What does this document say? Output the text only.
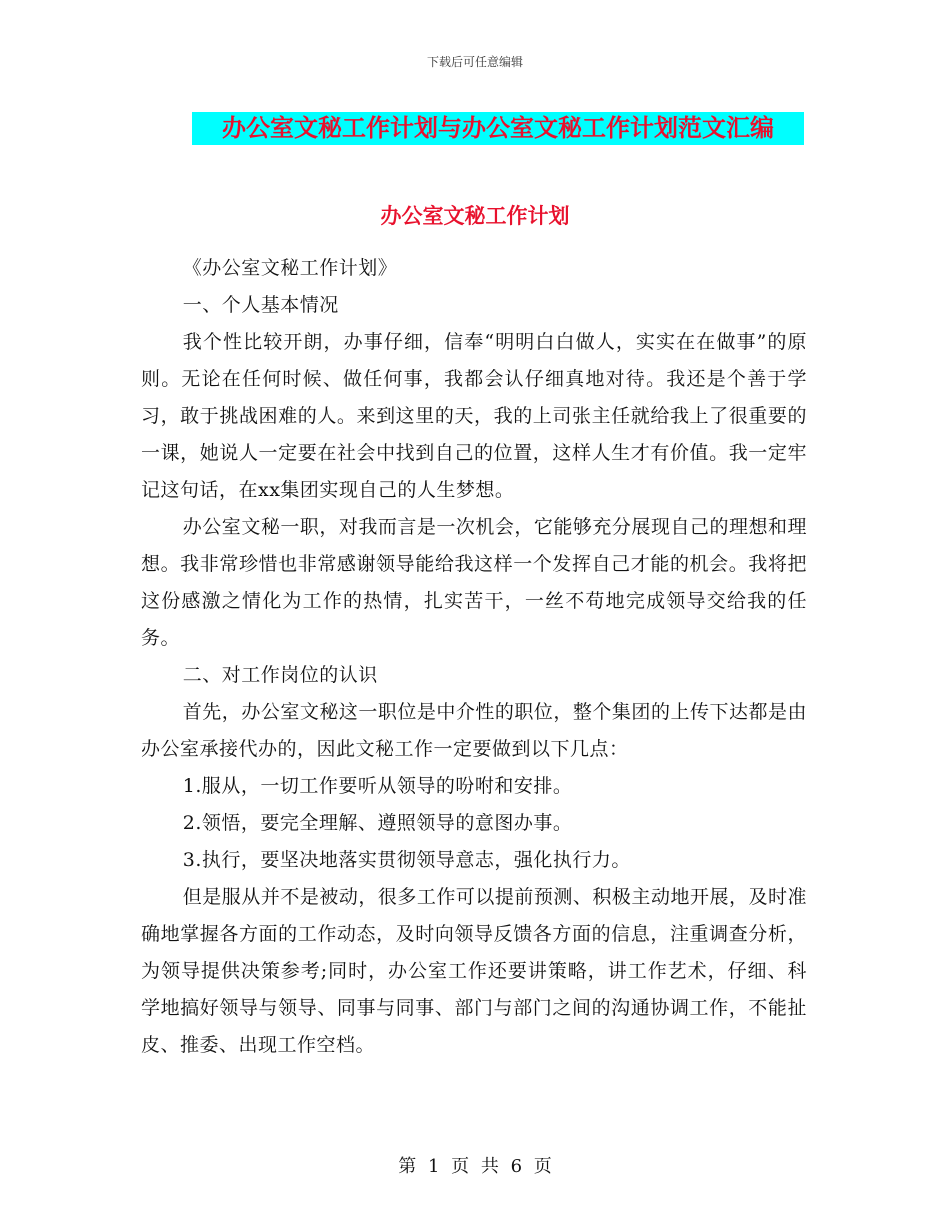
下载后可任意编辑
办公室文秘工作计划与办公室文秘工作计划范文汇编
办公室文秘工作计划

《办公室文秘工作计划》

一、个人基本情况

我个性比较开朗，办事仔细，信奉“明明白白做人，实实在在做事”的原则。无论在任何时候、做任何事，我都会认仔细真地对待。我还是个善于学习，敢于挑战困难的人。来到这里的天，我的上司张主任就给我上了很重要的一课，她说人一定要在社会中找到自己的位置，这样人生才有价值。我一定牢记这句话，在xx集团实现自己的人生梦想。

办公室文秘一职，对我而言是一次机会，它能够充分展现自己的理想和理想。我非常珍惜也非常感谢领导能给我这样一个发挥自己才能的机会。我将把这份感激之情化为工作的热情，扎实苦干，一丝不苟地完成领导交给我的任务。

二、对工作岗位的认识

首先，办公室文秘这一职位是中介性的职位，整个集团的上传下达都是由办公室承接代办的，因此文秘工作一定要做到以下几点：

1.服从，一切工作要听从领导的吩咐和安排。

2.领悟，要完全理解、遵照领导的意图办事。

3.执行，要坚决地落实贯彻领导意志，强化执行力。

但是服从并不是被动，很多工作可以提前预测、积极主动地开展，及时准确地掌握各方面的工作动态，及时向领导反馈各方面的信息，注重调查分析，为领导提供决策参考;同时，办公室工作还要讲策略，讲工作艺术，仔细、科学地搞好领导与领导、同事与同事、部门与部门之间的沟通协调工作，不能扯皮、推委、出现工作空档。

第 1 页 共 6 页
